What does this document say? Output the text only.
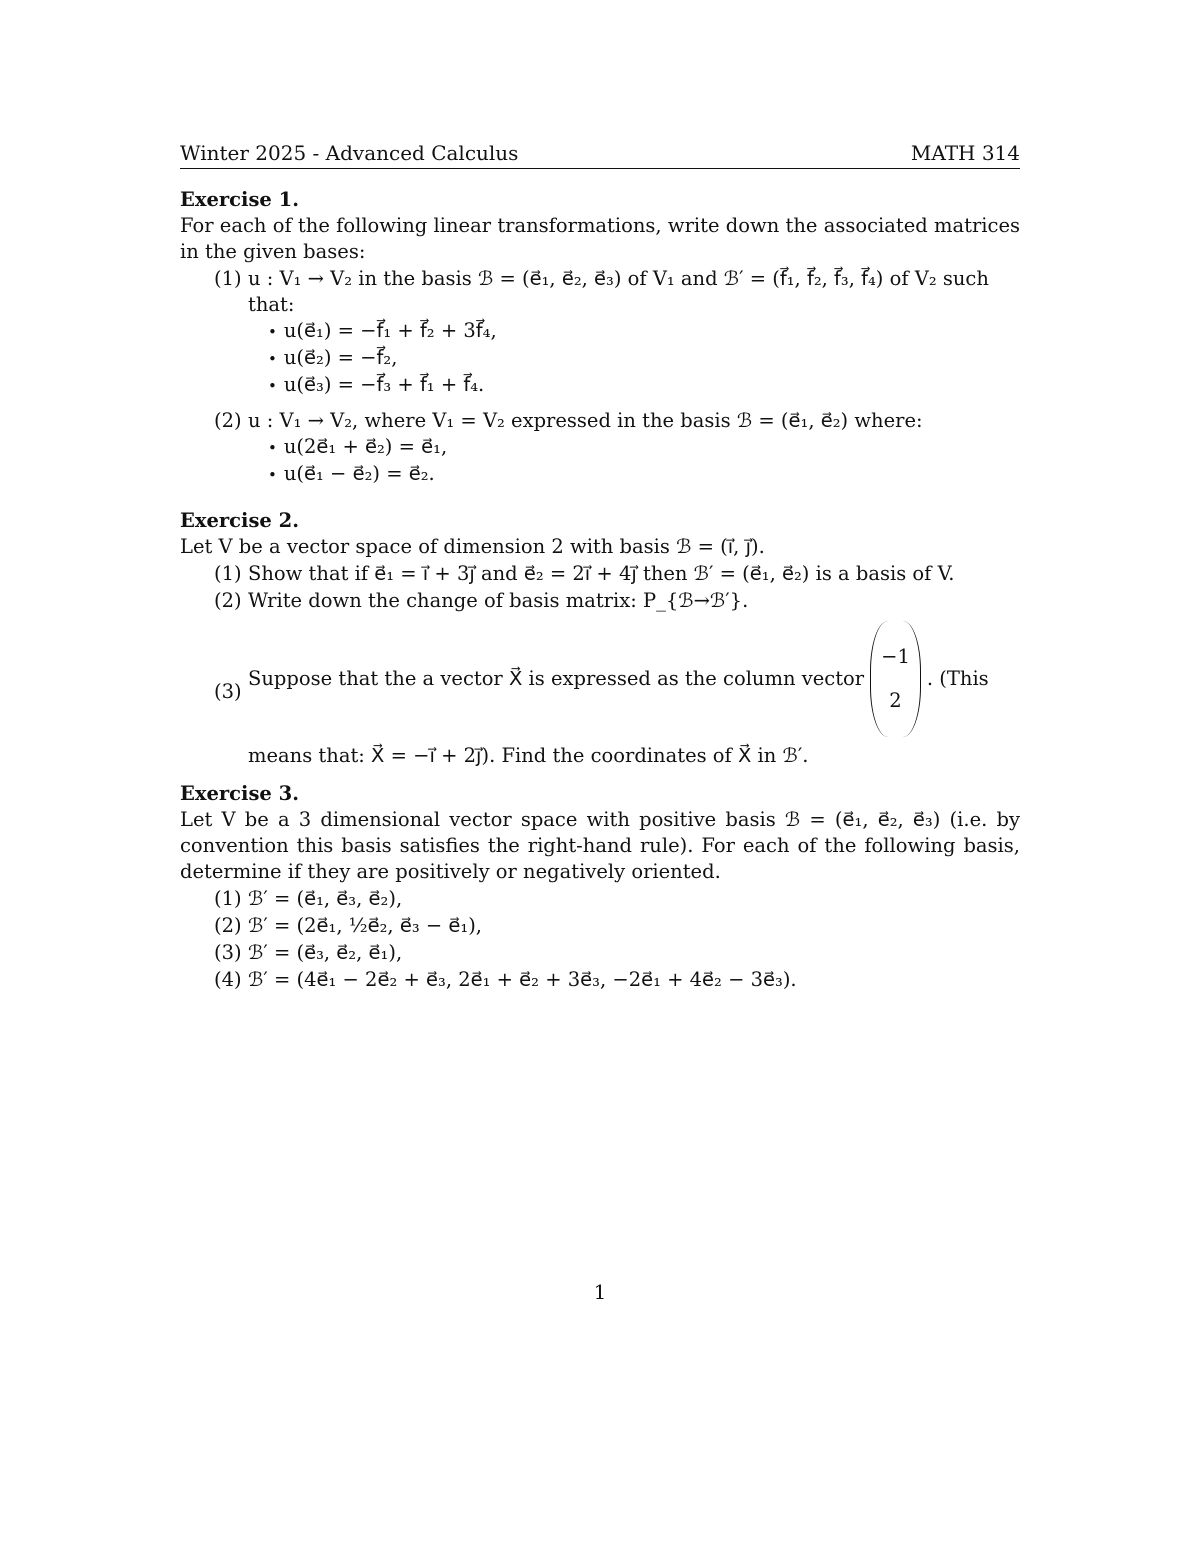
Winter 2025 - Advanced Calculus	MATH 314
Exercise 1.
For each of the following linear transformations, write down the associated matrices in the given bases:
(1) u : V₁ → V₂ in the basis ℬ = (e⃗₁, e⃗₂, e⃗₃) of V₁ and ℬ′ = (f⃗₁, f⃗₂, f⃗₃, f⃗₄) of V₂ such that:
• u(e⃗₁) = −f⃗₁ + f⃗₂ + 3f⃗₄,
• u(e⃗₂) = −f⃗₂,
• u(e⃗₃) = −f⃗₃ + f⃗₁ + f⃗₄.
(2) u : V₁ → V₂, where V₁ = V₂ expressed in the basis ℬ = (e⃗₁, e⃗₂) where:
• u(2e⃗₁ + e⃗₂) = e⃗₁,
• u(e⃗₁ − e⃗₂) = e⃗₂.
Exercise 2.
Let V be a vector space of dimension 2 with basis ℬ = (i⃗, j⃗).
(1) Show that if e⃗₁ = i⃗ + 3j⃗ and e⃗₂ = 2i⃗ + 4j⃗ then ℬ′ = (e⃗₁, e⃗₂) is a basis of V.
(2) Write down the change of basis matrix: P_{ℬ→ℬ′}.
(3)
Suppose that the a vector X⃗ is expressed as the column vector
−1
2
. (This
means that: X⃗ = −i⃗ + 2j⃗). Find the coordinates of X⃗ in ℬ′.
Exercise 3.
Let V be a 3 dimensional vector space with positive basis ℬ = (e⃗₁, e⃗₂, e⃗₃) (i.e. by convention this basis satisfies the right-hand rule). For each of the following basis, determine if they are positively or negatively oriented.
(1) ℬ′ = (e⃗₁, e⃗₃, e⃗₂),
(2) ℬ′ = (2e⃗₁, ½e⃗₂, e⃗₃ − e⃗₁),
(3) ℬ′ = (e⃗₃, e⃗₂, e⃗₁),
(4) ℬ′ = (4e⃗₁ − 2e⃗₂ + e⃗₃, 2e⃗₁ + e⃗₂ + 3e⃗₃, −2e⃗₁ + 4e⃗₂ − 3e⃗₃).
1
